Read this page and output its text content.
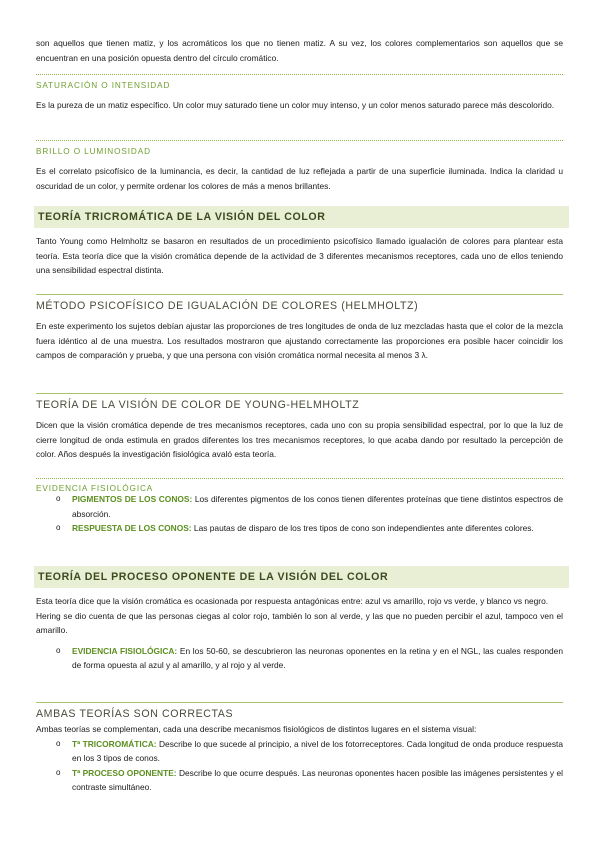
son aquellos que tienen matiz, y los acromáticos los que no tienen matiz. A su vez, los colores complementarios son aquellos que se encuentran en una posición opuesta dentro del círculo cromático.

SATURACIÓN O INTENSIDAD

Es la pureza de un matiz específico. Un color muy saturado tiene un color muy intenso, y un color menos saturado parece más descolorido.

BRILLO O LUMINOSIDAD

Es el correlato psicofísico de la luminancia, es decir, la cantidad de luz reflejada a partir de una superficie iluminada. Indica la claridad u oscuridad de un color, y permite ordenar los colores de más a menos brillantes.

TEORÍA TRICROMÁTICA DE LA VISIÓN DEL COLOR

Tanto Young como Helmholtz se basaron en resultados de un procedimiento psicofísico llamado igualación de colores para plantear esta teoría. Esta teoría dice que la visión cromática depende de la actividad de 3 diferentes mecanismos receptores, cada uno de ellos teniendo una sensibilidad espectral distinta.

MÉTODO PSICOFÍSICO DE IGUALACIÓN DE COLORES (HELMHOLTZ)

En este experimento los sujetos debían ajustar las proporciones de tres longitudes de onda de luz mezcladas hasta que el color de la mezcla fuera idéntico al de una muestra. Los resultados mostraron que ajustando correctamente las proporciones era posible hacer coincidir los campos de comparación y prueba, y que una persona con visión cromática normal necesita al menos 3 λ.

TEORÍA DE LA VISIÓN DE COLOR DE YOUNG-HELMHOLTZ

Dicen que la visión cromática depende de tres mecanismos receptores, cada uno con su propia sensibilidad espectral, por lo que la luz de cierre longitud de onda estimula en grados diferentes los tres mecanismos receptores, lo que acaba dando por resultado la percepción de color. Años después la investigación fisiológica avaló esta teoría.

EVIDENCIA FISIOLÓGICA
o PIGMENTOS DE LOS CONOS: Los diferentes pigmentos de los conos tienen diferentes proteínas que tiene distintos espectros de absorción.
o RESPUESTA DE LOS CONOS: Las pautas de disparo de los tres tipos de cono son independientes ante diferentes colores.
TEORÍA DEL PROCESO OPONENTE DE LA VISIÓN DEL COLOR

Esta teoría dice que la visión cromática es ocasionada por respuesta antagónicas entre: azul vs amarillo, rojo vs verde, y blanco vs negro.

Hering se dio cuenta de que las personas ciegas al color rojo, también lo son al verde, y las que no pueden percibir el azul, tampoco ven el amarillo.

o EVIDENCIA FISIOLÓGICA: En los 50-60, se descubrieron las neuronas oponentes en la retina y en el NGL, las cuales responden de forma opuesta al azul y al amarillo, y al rojo y al verde.
AMBAS TEORÍAS SON CORRECTAS

Ambas teorías se complementan, cada una describe mecanismos fisiológicos de distintos lugares en el sistema visual:

o Tª TRICOROMÁTICA: Describe lo que sucede al principio, a nivel de los fotorreceptores. Cada longitud de onda produce respuesta en los 3 tipos de conos.
o Tª PROCESO OPONENTE: Describe lo que ocurre después. Las neuronas oponentes hacen posible las imágenes persistentes y el contraste simultáneo.
